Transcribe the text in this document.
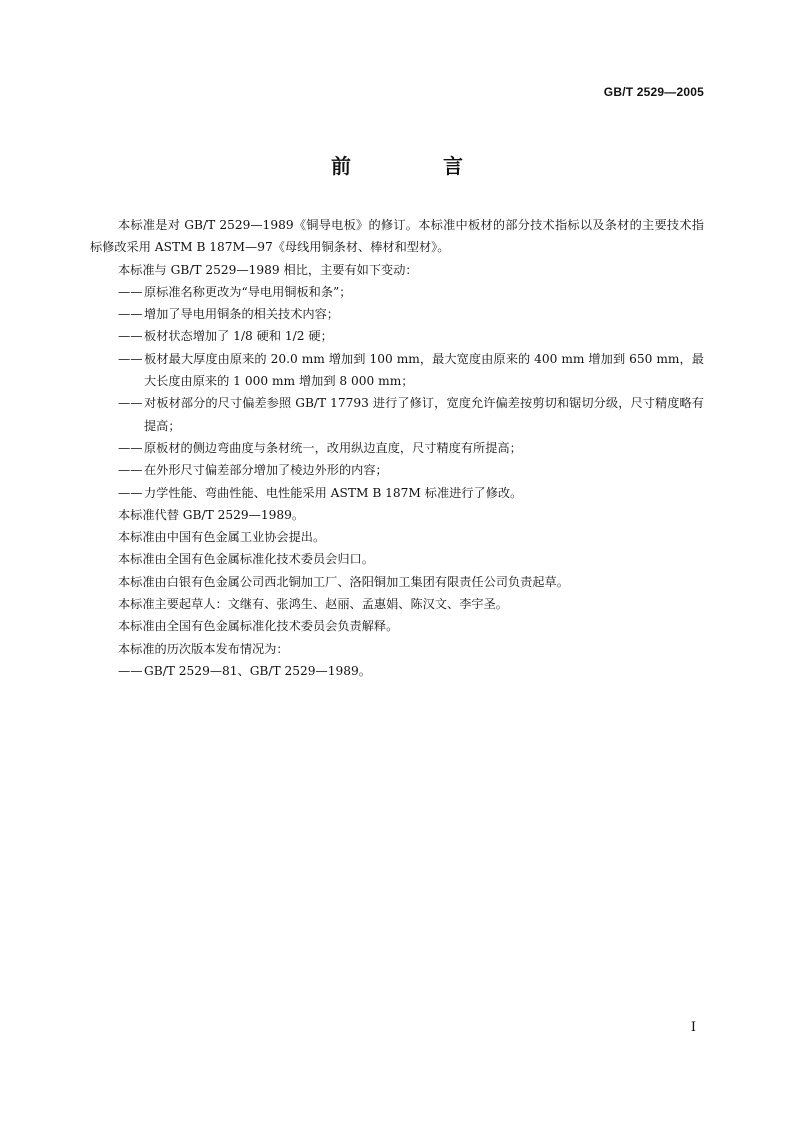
GB/T 2529—2005
前　言

本标准是对 GB/T 2529—1989《铜导电板》的修订。本标准中板材的部分技术指标以及条材的主要技术指标修改采用 ASTM B 187M—97《母线用铜条材、棒材和型材》。

本标准与 GB/T 2529—1989 相比，主要有如下变动：

—— 原标准名称更改为“导电用铜板和条”；

—— 增加了导电用铜条的相关技术内容；

—— 板材状态增加了 1/8 硬和 1/2 硬；

—— 板材最大厚度由原来的 20.0 mm 增加到 100 mm，最大宽度由原来的 400 mm 增加到 650 mm，最大长度由原来的 1 000 mm 增加到 8 000 mm；

—— 对板材部分的尺寸偏差参照 GB/T 17793 进行了修订，宽度允许偏差按剪切和锯切分级，尺寸精度略有提高；

—— 原板材的侧边弯曲度与条材统一，改用纵边直度，尺寸精度有所提高；

—— 在外形尺寸偏差部分增加了棱边外形的内容；

—— 力学性能、弯曲性能、电性能采用 ASTM B 187M 标准进行了修改。

本标准代替 GB/T 2529—1989。

本标准由中国有色金属工业协会提出。

本标准由全国有色金属标准化技术委员会归口。

本标准由白银有色金属公司西北铜加工厂、洛阳铜加工集团有限责任公司负责起草。

本标准主要起草人：文继有、张鸿生、赵丽、孟惠娟、陈汉文、李宇圣。

本标准由全国有色金属标准化技术委员会负责解释。

本标准的历次版本发布情况为：

—— GB/T 2529—81、GB/T 2529—1989。

I
